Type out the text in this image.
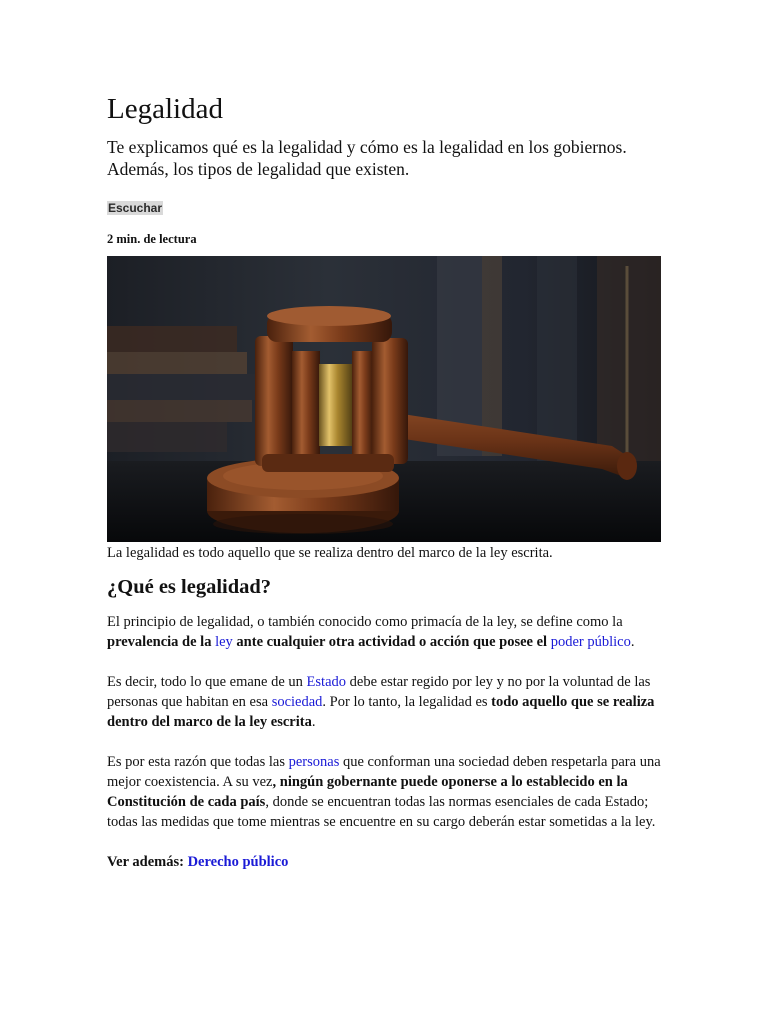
Legalidad
Te explicamos qué es la legalidad y cómo es la legalidad en los gobiernos. Además, los tipos de legalidad que existen.
Escuchar
2 min. de lectura
La legalidad es todo aquello que se realiza dentro del marco de la ley escrita.
¿Qué es legalidad?

El principio de legalidad, o también conocido como primacía de la ley, se define como la prevalencia de la ley ante cualquier otra actividad o acción que posee el poder público.

Es decir, todo lo que emane de un Estado debe estar regido por ley y no por la voluntad de las personas que habitan en esa sociedad. Por lo tanto, la legalidad es todo aquello que se realiza dentro del marco de la ley escrita.

Es por esta razón que todas las personas que conforman una sociedad deben respetarla para una mejor coexistencia. A su vez, ningún gobernante puede oponerse a lo establecido en la Constitución de cada país, donde se encuentran todas las normas esenciales de cada Estado; todas las medidas que tome mientras se encuentre en su cargo deberán estar sometidas a la ley.

Ver además: Derecho público
